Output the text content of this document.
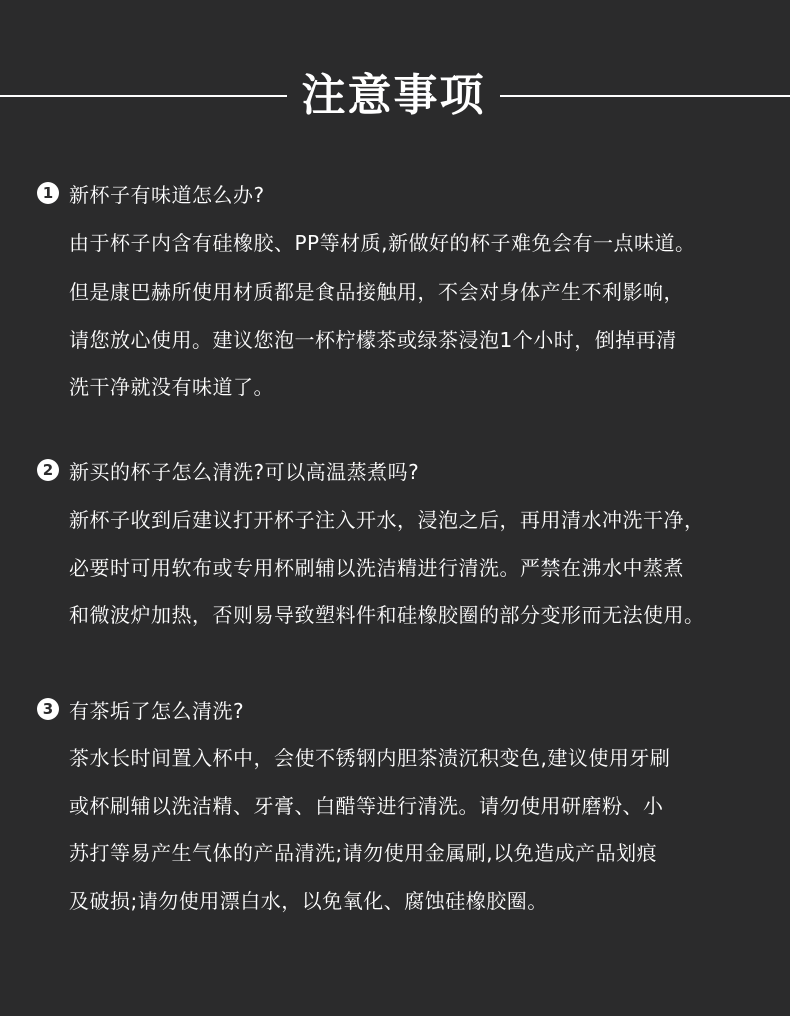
注意事项
1 新杯子有味道怎么办?
由于杯子内含有硅橡胶、PP等材质,新做好的杯子难免会有一点味道。
但是康巴赫所使用材质都是食品接触用，不会对身体产生不利影响，
请您放心使用。建议您泡一杯柠檬茶或绿茶浸泡1个小时，倒掉再清
洗干净就没有味道了。
2 新买的杯子怎么清洗?可以高温蒸煮吗?
新杯子收到后建议打开杯子注入开水，浸泡之后，再用清水冲洗干净，
必要时可用软布或专用杯刷辅以洗洁精进行清洗。严禁在沸水中蒸煮
和微波炉加热，否则易导致塑料件和硅橡胶圈的部分变形而无法使用。
3 有茶垢了怎么清洗?
茶水长时间置入杯中，会使不锈钢内胆茶渍沉积变色,建议使用牙刷
或杯刷辅以洗洁精、牙膏、白醋等进行清洗。请勿使用研磨粉、小
苏打等易产生气体的产品清洗;请勿使用金属刷,以免造成产品划痕
及破损;请勿使用漂白水，以免氧化、腐蚀硅橡胶圈。
